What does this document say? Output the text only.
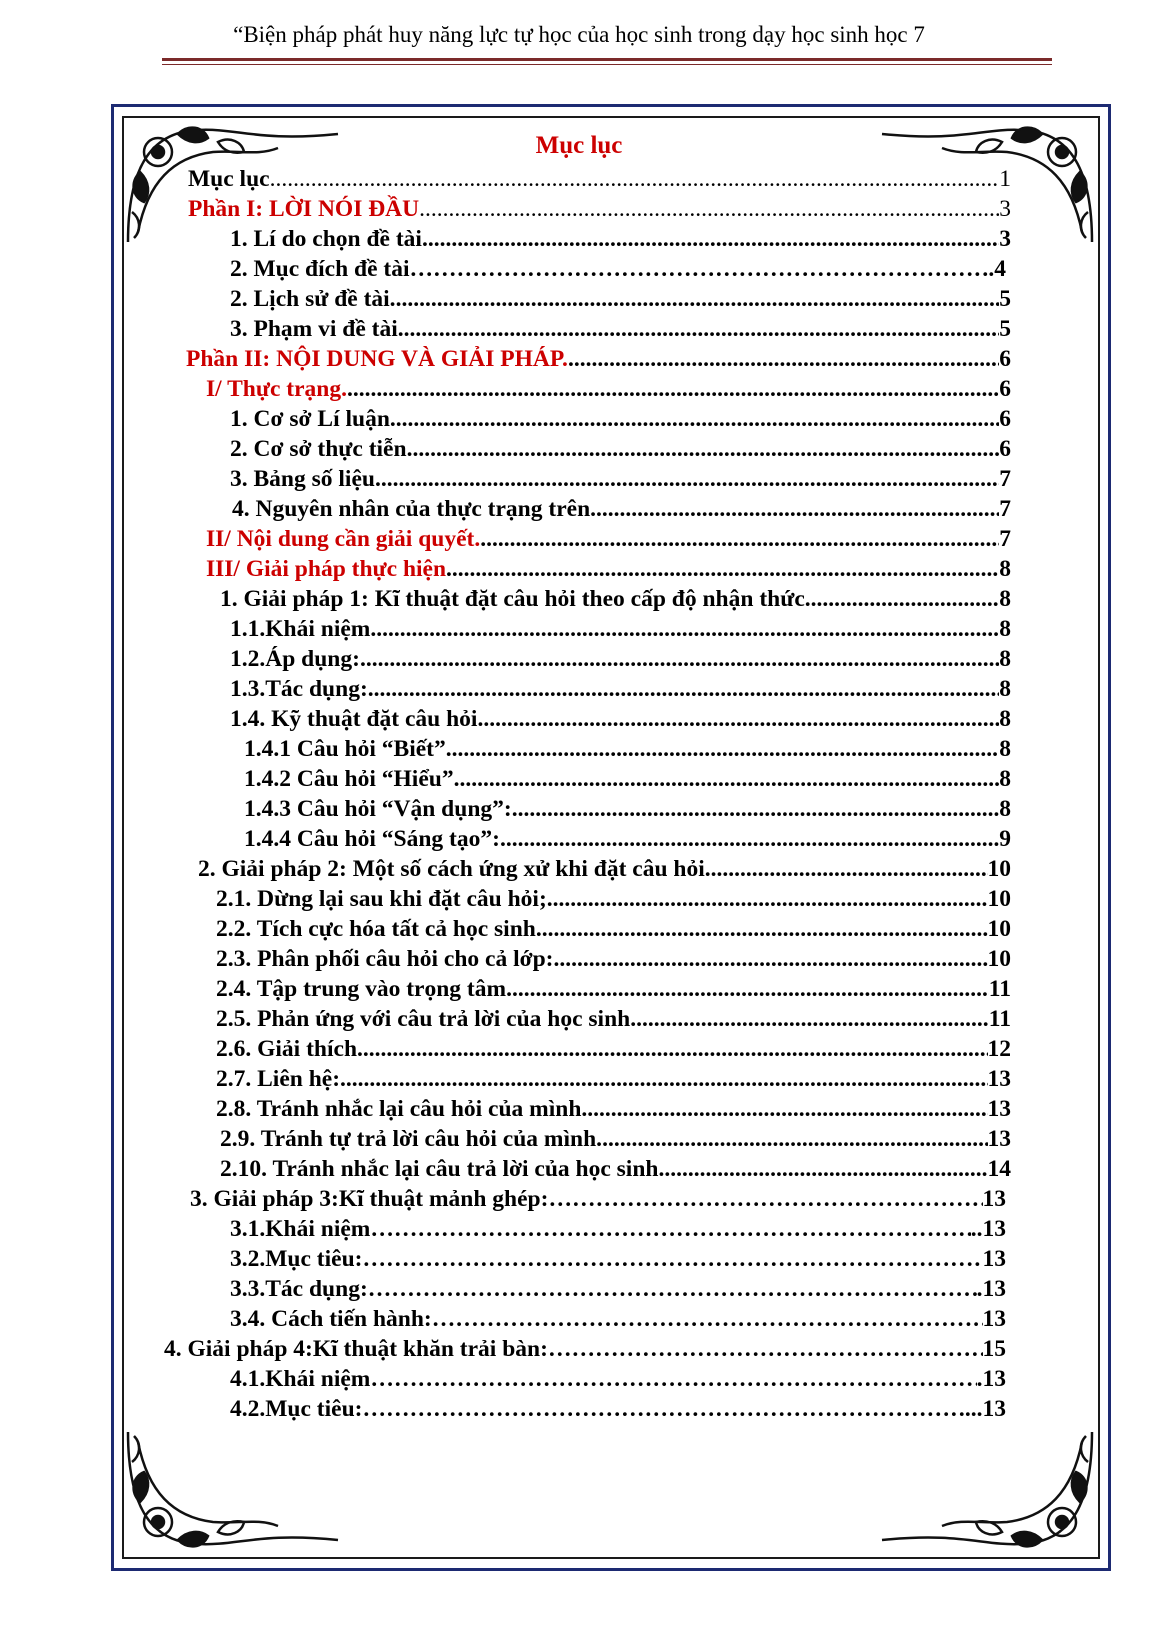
“Biện pháp phát huy năng lực tự học của học sinh trong dạy học sinh học 7
Mục lục
Mục lục .....	1
Phần I: LỜI NÓI ĐẦU .....	3
1. Lí do chọn đề tài. .....	3
2. Mục đích đề tài …………………………………………………………………………………………………………………………………………………………………………………………………………………………	.4
2. Lịch sử đề tài. .....	5
3. Phạm vi đề tài. .....	5
Phần II: NỘI DUNG VÀ GIẢI PHÁP. .....	6
I/ Thực trạng. .....	6
1. Cơ sở Lí luận .....	6
2. Cơ sở thực tiễn .....	6
3. Bảng số liệu. .....	7
4. Nguyên nhân của thực trạng trên .....	7
II/ Nội dung cần giải quyết. .....	7
III/ Giải pháp thực hiện .....	8
1. Giải pháp 1: Kĩ thuật đặt câu hỏi theo cấp độ nhận thức. .....	8
1.1.Khái niệm. .....	8
1.2.Áp dụng: .....	8
1.3.Tác dụng: .....	8
1.4. Kỹ thuật đặt câu hỏi. .....	8
1.4.1 Câu hỏi “Biết” .....	8
1.4.2 Câu hỏi “Hiểu”. .....	8
1.4.3 Câu hỏi “Vận dụng”: .....	8
1.4.4 Câu hỏi “Sáng tạo”: .....	9
2. Giải pháp 2: Một số cách ứng xử khi đặt câu hỏi. .....	10
2.1. Dừng lại sau khi đặt câu hỏi; .....	10
2.2. Tích cực hóa tất cả học sinh. .....	10
2.3. Phân phối câu hỏi cho cả lớp: .....	10
2.4. Tập trung vào trọng tâm. .....	11
2.5. Phản ứng với câu trả lời của học sinh. .....	11
2.6. Giải thích. .....	12
2.7. Liên hệ: .....	13
2.8. Tránh nhắc lại câu hỏi của mình. .....	13
2.9. Tránh tự trả lời câu hỏi của mình. .....	13
2.10. Tránh nhắc lại câu trả lời của học sinh .....	14
3. Giải pháp 3:Kĩ thuật mảnh ghép: …………………………………………………………………………………………………………………………………………………………………………………………………………………………	13
3.1.Khái niệm …………………………………………………………………………………………………………………………………………………………………………………………………………………………	..13
3.2.Mục tiêu: …………………………………………………………………………………………………………………………………………………………………………………………………………………………	13
3.3.Tác dụng: …………………………………………………………………………………………………………………………………………………………………………………………………………………………	.13
3.4. Cách tiến hành: …………………………………………………………………………………………………………………………………………………………………………………………………………………………	13
4. Giải pháp 4:Kĩ thuật khăn trải bàn: …………………………………………………………………………………………………………………………………………………………………………………………………………………………	15
4.1.Khái niệm …………………………………………………………………………………………………………………………………………………………………………………………………………………………	.13
4.2.Mục tiêu: …………………………………………………………………………………………………………………………………………………………………………………………………………………………	...13
